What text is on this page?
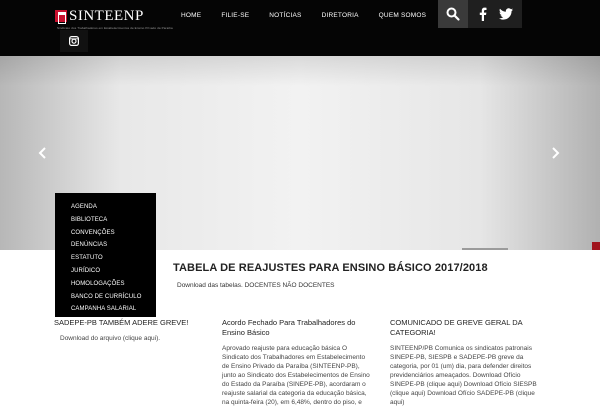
SINTEENP
Sindicato dos Trabalhadores em Estabelecimentos de Ensino Privado da Paraíba
HOME	FILIE-SE	NOTÍCIAS	DIRETORIA	QUEM SOMOS
AGENDA
BIBLIOTECA
CONVENÇÕES
DENÚNCIAS
ESTATUTO
JURÍDICO
HOMOLOGAÇÕES
BANCO DE CURRÍCULO
CAMPANHA SALARIAL
TABELA DE REAJUSTES PARA ENSINO BÁSICO 2017/2018

Download das tabelas. DOCENTES NÃO DOCENTES

SADEPE-PB TAMBÉM ADERE GREVE!
Download do arquivo (clique aqui).
Acordo Fechado Para Trabalhadores do Ensino Básico
Aprovado reajuste para educação básica O Sindicato dos Trabalhadores em Estabelecimento de Ensino Privado da Paraíba (SINTEENP-PB), junto ao Sindicato dos Estabelecimentos de Ensino do Estado da Paraíba (SINEPE-PB), acordaram o reajuste salarial da categoria da educação básica, na quinta-feira (20), em 6,48%, dentro do piso, e
COMUNICADO DE GREVE GERAL DA CATEGORIA!
SINTEENP/PB Comunica os sindicatos patronais SINEPE-PB, SIESPB e SADEPE-PB greve da categoria, por 01 (um) dia, para defender direitos previdenciários ameaçados. Download Ofício SINEPE-PB (clique aqui) Download Ofício SIESPB (clique aqui) Download Ofício SADEPE-PB (clique aqui)
